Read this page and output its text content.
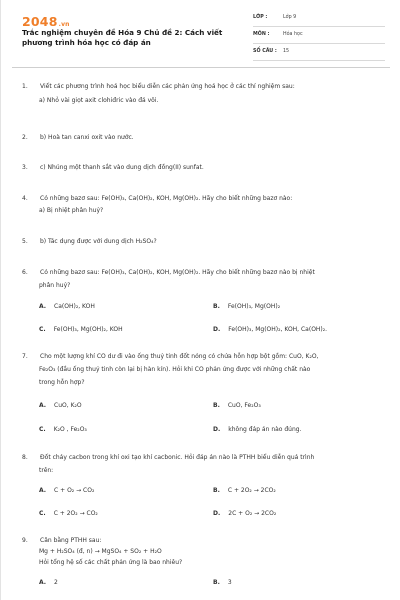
2048.vn
Trắc nghiệm chuyên đề Hóa 9 Chủ đề 2: Cách viết phương trình hóa học có đáp án
LỚP :	Lớp 9
MÔN :	Hóa học
SỐ CÂU : 15
1.	Viết các phương trình hoá học biểu diễn các phản ứng hoá học ở các thí nghiệm sau:
a) Nhỏ vài giọt axit clohiđric vào đá vôi.
2.	b) Hoà tan canxi oxit vào nước.
3.	c) Nhúng một thanh sắt vào dung dịch đồng(II) sunfat.
4.	Có những bazơ sau: Fe(OH)₃, Ca(OH)₂, KOH, Mg(OH)₂. Hãy cho biết những bazơ nào:
a) Bị nhiệt phân huỷ?
5.	b) Tác dụng được với dung dịch H₂SO₄?
6.	Có những bazơ sau: Fe(OH)₃, Ca(OH)₂, KOH, Mg(OH)₂. Hãy cho biết những bazơ nào bị nhiệt
phân huỷ?
A. Ca(OH)₂, KOH	B. Fe(OH)₃, Mg(OH)₂
C. Fe(OH)₃, Mg(OH)₂, KOH	D. Fe(OH)₃, Mg(OH)₂, KOH, Ca(OH)₂.
7.	Cho một lượng khí CO dư đi vào ống thuỷ tinh đốt nóng có chứa hỗn hợp bột gồm: CuO, K₂O,
Fe₂O₃ (đầu ống thuỷ tinh còn lại bị hàn kín). Hỏi khi CO phản ứng được với những chất nào
trong hỗn hợp?
A. CuO, K₂O	B. CuO, Fe₂O₃
C. K₂O , Fe₂O₃	D. không đáp án nào đúng.
8.	Đốt cháy cacbon trong khí oxi tạo khí cacbonic. Hỏi đáp án nào là PTHH biểu diễn quá trình
trên:
A. C + O₂ → CO₂	B. C + 2O₂ → 2CO₂
C. C + 2O₂ → CO₂	D. 2C + O₂ → 2CO₂
9.	Cân bằng PTHH sau:
Mg + H₂SO₄ (đ, n) → MgSO₄ + SO₂ + H₂O
Hỏi tổng hệ số các chất phản ứng là bao nhiêu?
A. 2	B. 3
